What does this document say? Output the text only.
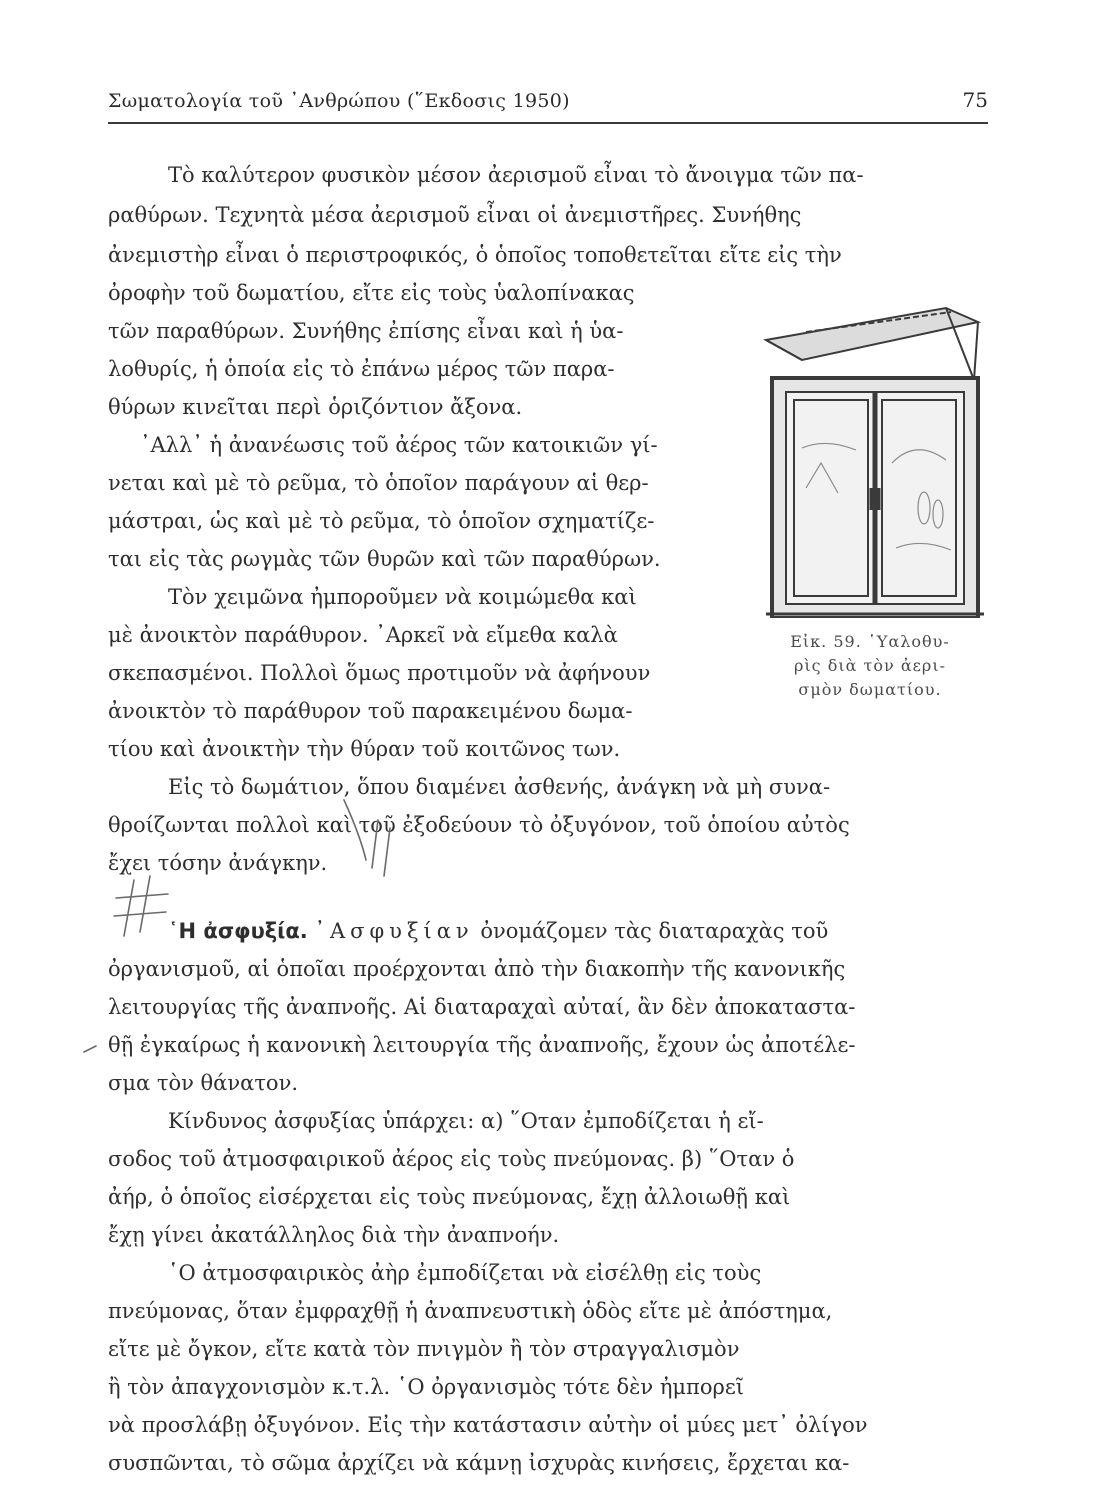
Σωματολογία τοῦ ᾿Ανθρώπου (῞Εκδοσις 1950)	75
Τὸ καλύτερον φυσικὸν μέσον ἀερισμοῦ εἶναι τὸ ἄνοιγμα τῶν πα-
ραθύρων. Τεχνητὰ μέσα ἀερισμοῦ εἶναι οἱ ἀνεμιστῆρες. Συνήθης
ἀνεμιστὴρ εἶναι ὁ περιστροφικός, ὁ ὁποῖος τοποθετεῖται εἴτε εἰς τὴν
ὀροφὴν τοῦ δωματίου, εἴτε εἰς τοὺς ὑαλοπίνακας
τῶν παραθύρων. Συνήθης ἐπίσης εἶναι καὶ ἡ ὑα-
λοθυρίς, ἡ ὁποία εἰς τὸ ἐπάνω μέρος τῶν παρα-
θύρων κινεῖται περὶ ὁριζόντιον ἄξονα.
᾿Αλλ᾿ ἡ ἀνανέωσις τοῦ ἀέρος τῶν κατοικιῶν γί-
νεται καὶ μὲ τὸ ρεῦμα, τὸ ὁποῖον παράγουν αἱ θερ-
μάστραι, ὡς καὶ μὲ τὸ ρεῦμα, τὸ ὁποῖον σχηματίζε-
ται εἰς τὰς ρωγμὰς τῶν θυρῶν καὶ τῶν παραθύρων.
Τὸν χειμῶνα ἠμποροῦμεν νὰ κοιμώμεθα καὶ
μὲ ἀνοικτὸν παράθυρον. ᾿Αρκεῖ νὰ εἴμεθα καλὰ
σκεπασμένοι. Πολλοὶ ὅμως προτιμοῦν νὰ ἀφήνουν
ἀνοικτὸν τὸ παράθυρον τοῦ παρακειμένου δωμα-
τίου καὶ ἀνοικτὴν τὴν θύραν τοῦ κοιτῶνος των.
Εἰς τὸ δωμάτιον, ὅπου διαμένει ἀσθενής, ἀνάγκη νὰ μὴ συνα-
θροίζωνται πολλοὶ καὶ τοῦ ἐξοδεύουν τὸ ὀξυγόνον, τοῦ ὁποίου αὐτὸς
ἔχει τόσην ἀνάγκην.
῾Η ἀσφυξία. ᾿Ασφυξίαν ὀνομάζομεν τὰς διαταραχὰς τοῦ
ὀργανισμοῦ, αἱ ὁποῖαι προέρχονται ἀπὸ τὴν διακοπὴν τῆς κανονικῆς
λειτουργίας τῆς ἀναπνοῆς. Αἱ διαταραχαὶ αὐταί, ἂν δὲν ἀποκαταστα-
θῇ ἐγκαίρως ἡ κανονικὴ λειτουργία τῆς ἀναπνοῆς, ἔχουν ὡς ἀποτέλε-
σμα τὸν θάνατον.
Κίνδυνος ἀσφυξίας ὑπάρχει: α) ῞Οταν ἐμποδίζεται ἡ εἴ-
σοδος τοῦ ἀτμοσφαιρικοῦ ἀέρος εἰς τοὺς πνεύμονας. β) ῞Οταν ὁ
ἀήρ, ὁ ὁποῖος εἰσέρχεται εἰς τοὺς πνεύμονας, ἔχῃ ἀλλοιωθῇ καὶ
ἔχῃ γίνει ἀκατάλληλος διὰ τὴν ἀναπνοήν.
῾Ο ἀτμοσφαιρικὸς ἀὴρ ἐμποδίζεται νὰ εἰσέλθῃ εἰς τοὺς
πνεύμονας, ὅταν ἐμφραχθῇ ἡ ἀναπνευστικὴ ὁδὸς εἴτε μὲ ἀπόστημα,
εἴτε μὲ ὄγκον, εἴτε κατὰ τὸν πνιγμὸν ἢ τὸν στραγγαλισμὸν
ἢ τὸν ἀπαγχονισμὸν κ.τ.λ. ῾Ο ὀργανισμὸς τότε δὲν ἠμπορεῖ
νὰ προσλάβῃ ὀξυγόνον. Εἰς τὴν κατάστασιν αὐτὴν οἱ μύες μετ᾿ ὀλίγον
συσπῶνται, τὸ σῶμα ἀρχίζει νὰ κάμνῃ ἰσχυρὰς κινήσεις, ἔρχεται κα-
Εἰκ. 59. ῾Υαλοθυ-
ρὶς διὰ τὸν ἀερι-
σμὸν δωματίου.
